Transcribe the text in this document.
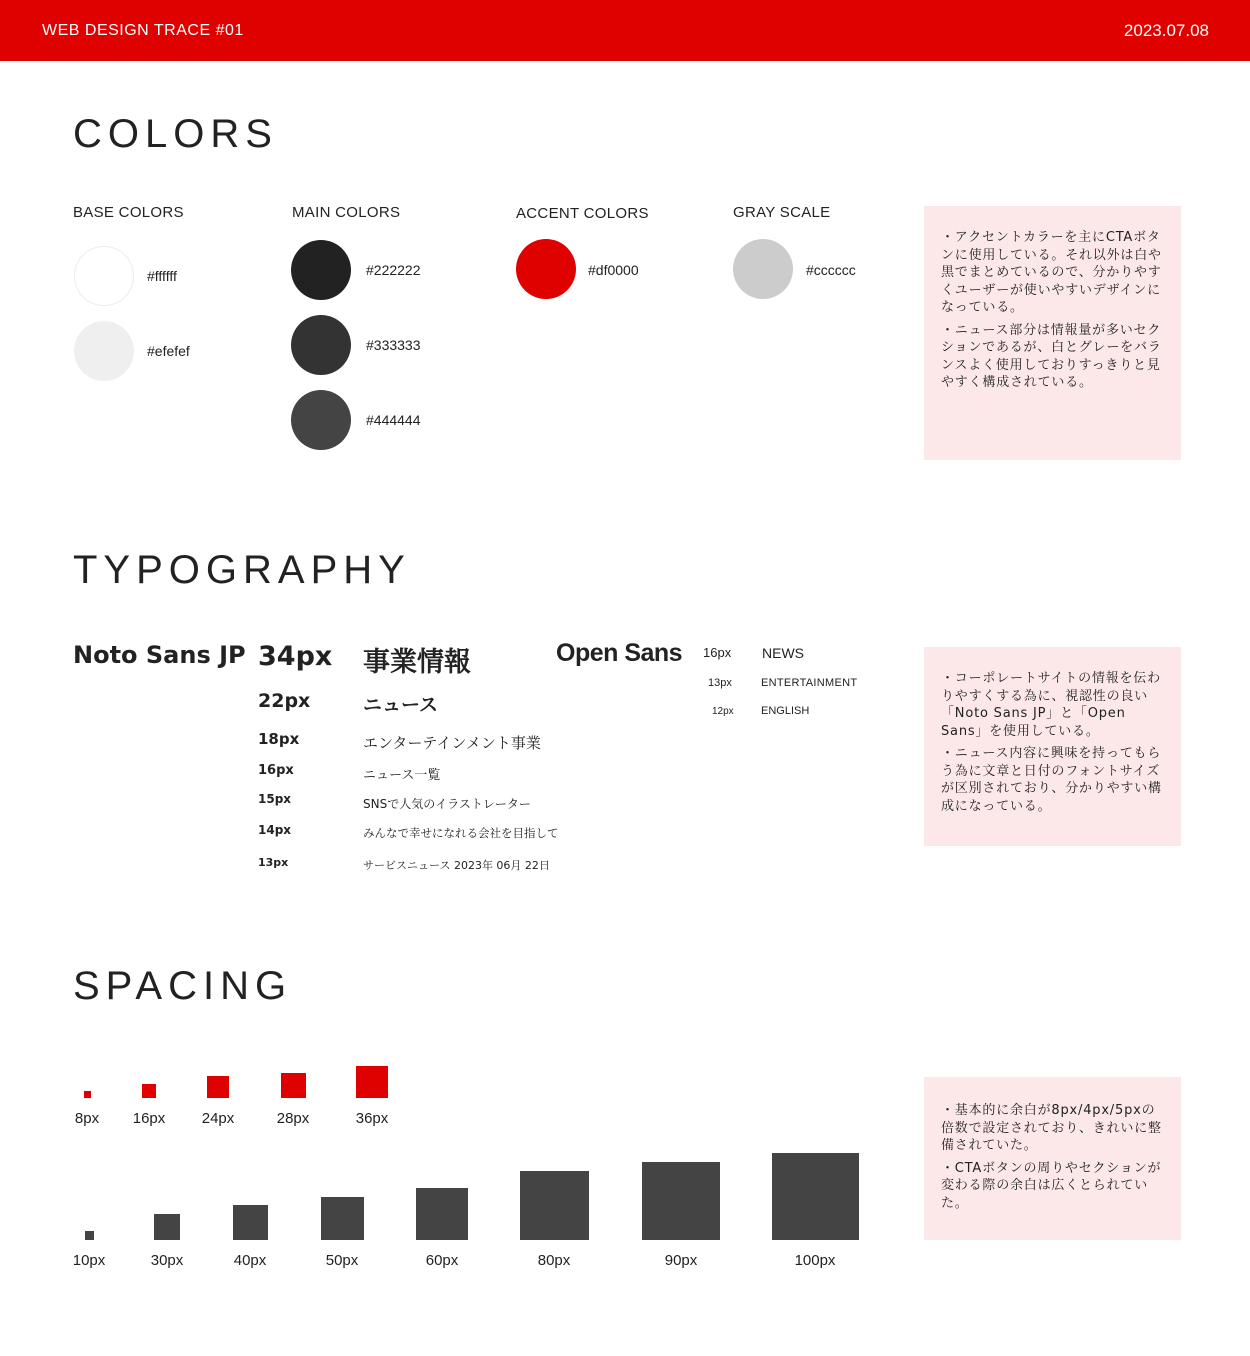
WEB DESIGN TRACE #01	2023.07.08
COLORS
BASE COLORS
#ffffff
#efefef
MAIN COLORS
#222222
#333333
#444444
ACCENT COLORS
#df0000
GRAY SCALE
#cccccc

・アクセントカラーを主にCTAボタンに使用している。それ以外は白や黒でまとめているので、分かりやすくユーザーが使いやすいデザインになっている。

・ニュース部分は情報量が多いセクションであるが、白とグレーをバランスよく使用しておりすっきりと見やすく構成されている。

TYPOGRAPHY
Noto Sans JP 34px 事業情報
22px	ニュース
18px	エンターテインメント事業
16px	ニュース一覧
15px	SNSで人気のイラストレーター
14px	みんなで幸せになれる会社を目指して
13px	サービスニュース 2023年 06月 22日
Open Sans 16px NEWS
13px	ENTERTAINMENT
12px ENGLISH

・コーポレートサイトの情報を伝わりやすくする為に、視認性の良い「Noto Sans JP」と「Open Sans」を使用している。

・ニュース内容に興味を持ってもらう為に文章と日付のフォントサイズが区別されており、分かりやすい構成になっている。

SPACING
8px 16px 24px	28px	36px
10px	30px	40px	50px	60px	80px	90px	100px

・基本的に余白が8px/4px/5pxの倍数で設定されており、きれいに整備されていた。

・CTAボタンの周りやセクションが変わる際の余白は広くとられていた。
